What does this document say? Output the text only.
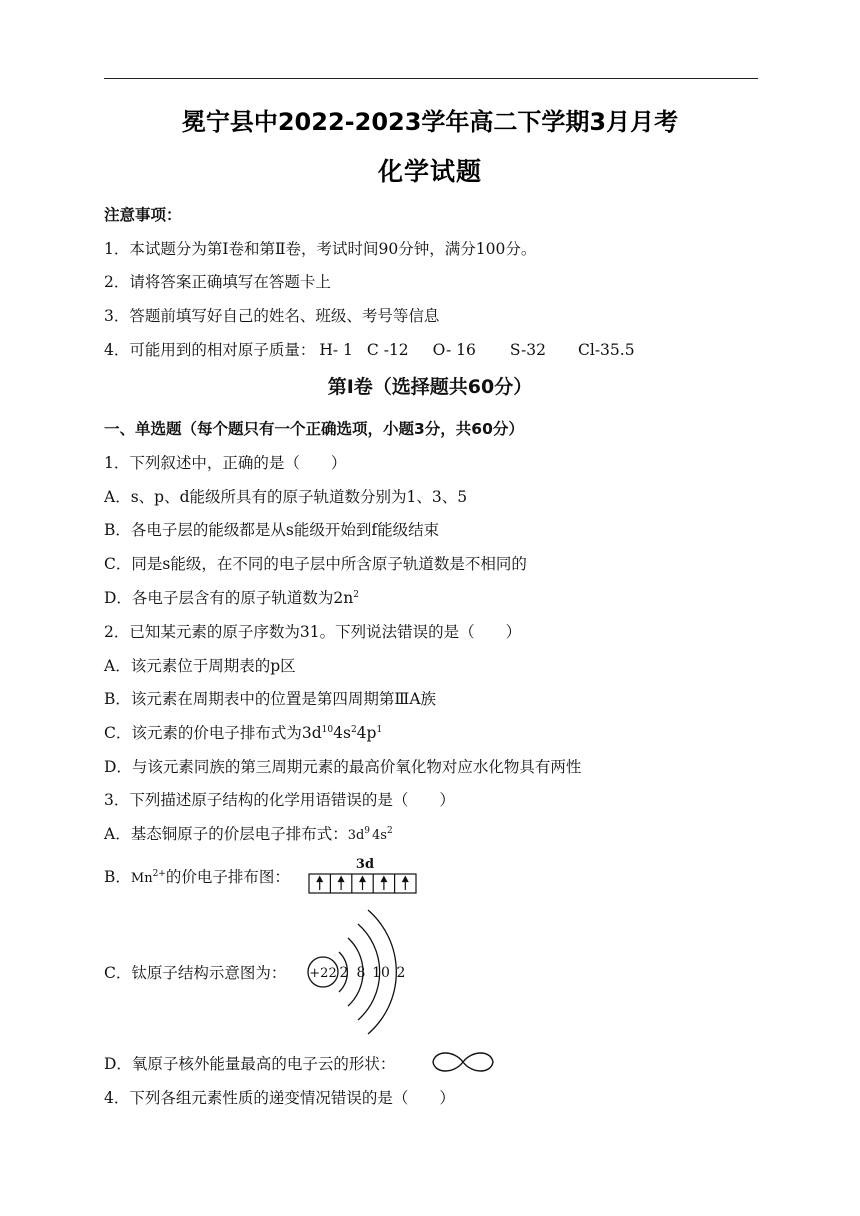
冕宁县中2022-2023学年高二下学期3月月考
化学试题
注意事项：
1．本试题分为第Ⅰ卷和第Ⅱ卷，考试时间90分钟，满分100分。
2．请将答案正确填写在答题卡上
3．答题前填写好自己的姓名、班级、考号等信息
4．可能用到的相对原子质量： H- 1 C -12 O- 16 S-32 Cl-35.5
第Ⅰ卷（选择题共60分）
一、单选题（每个题只有一个正确选项，小题3分，共60分）
1．下列叙述中，正确的是（　　）
A．s、p、d能级所具有的原子轨道数分别为1、3、5
B．各电子层的能级都是从s能级开始到f能级结束
C．同是s能级，在不同的电子层中所含原子轨道数是不相同的
D．各电子层含有的原子轨道数为$2n^2$
2．已知某元素的原子序数为31。下列说法错误的是（　　）
A．该元素位于周期表的p区
B．该元素在周期表中的位置是第四周期第ⅢA族
C．该元素的价电子排布式为$3d^{10}4s^24p^1$
D．与该元素同族的第三周期元素的最高价氧化物对应水化物具有两性
3．下列描述原子结构的化学用语错误的是（　　）
A．基态铜原子的价层电子排布式：$3d^9$ $4s^2$
B．$Mn^{2+}$的价电子排布图：
3d
C．钛原子结构示意图为： +22 2 8 10 2
D．氧原子核外能量最高的电子云的形状：
4．下列各组元素性质的递变情况错误的是（　　）
